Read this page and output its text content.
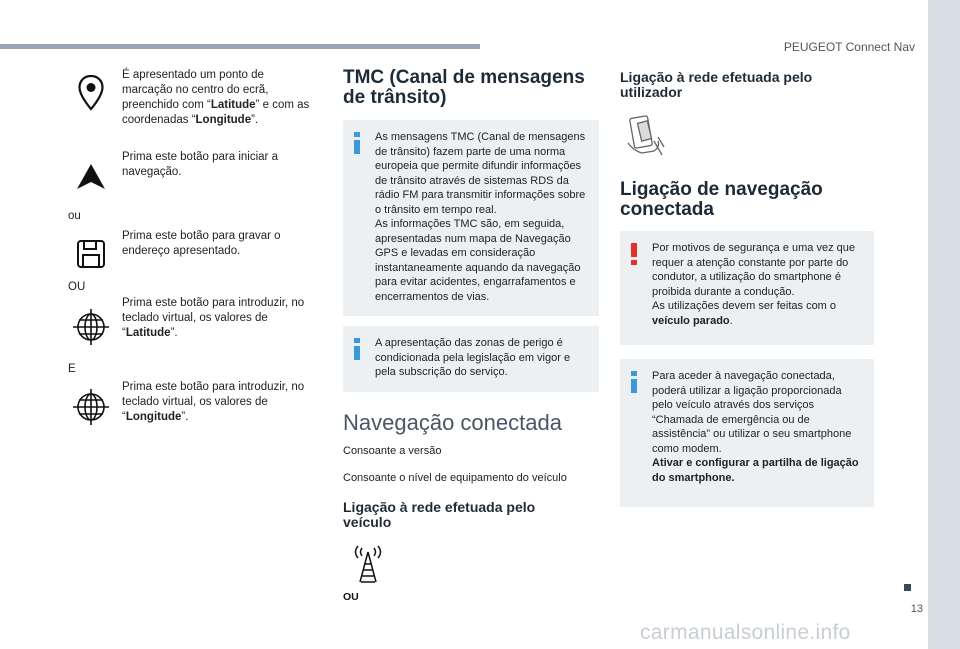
PEUGEOT Connect Nav
É apresentado um ponto de marcação no centro do ecrã, preenchido com “Latitude” e com as coordenadas “Longitude”.
Prima este botão para iniciar a navegação.
ou
Prima este botão para gravar o endereço apresentado.
OU
Prima este botão para introduzir, no teclado virtual, os valores de “Latitude”.
E
Prima este botão para introduzir, no teclado virtual, os valores de “Longitude”.
TMC (Canal de mensagens de trânsito)
As mensagens TMC (Canal de mensagens de trânsito) fazem parte de uma norma europeia que permite difundir informações de trânsito através de sistemas RDS da rádio FM para transmitir informações sobre o trânsito em tempo real.
As informações TMC são, em seguida, apresentadas num mapa de Navegação GPS e levadas em consideração instantaneamente aquando da navegação para evitar acidentes, engarrafamentos e encerramentos de vias.
A apresentação das zonas de perigo é condicionada pela legislação em vigor e pela subscrição do serviço.
Navegação conectada
Consoante a versão
Consoante o nível de equipamento do veículo
Ligação à rede efetuada pelo veículo
OU
Ligação à rede efetuada pelo utilizador
Ligação de navegação conectada
Por motivos de segurança e uma vez que requer a atenção constante por parte do condutor, a utilização do smartphone é proibida durante a condução.
As utilizações devem ser feitas com o veículo parado.
Para aceder à navegação conectada, poderá utilizar a ligação proporcionada pelo veículo através dos serviços “Chamada de emergência ou de assistência” ou utilizar o seu smartphone como modem.
Ativar e configurar a partilha de ligação do smartphone.
13
carmanualsonline.info
